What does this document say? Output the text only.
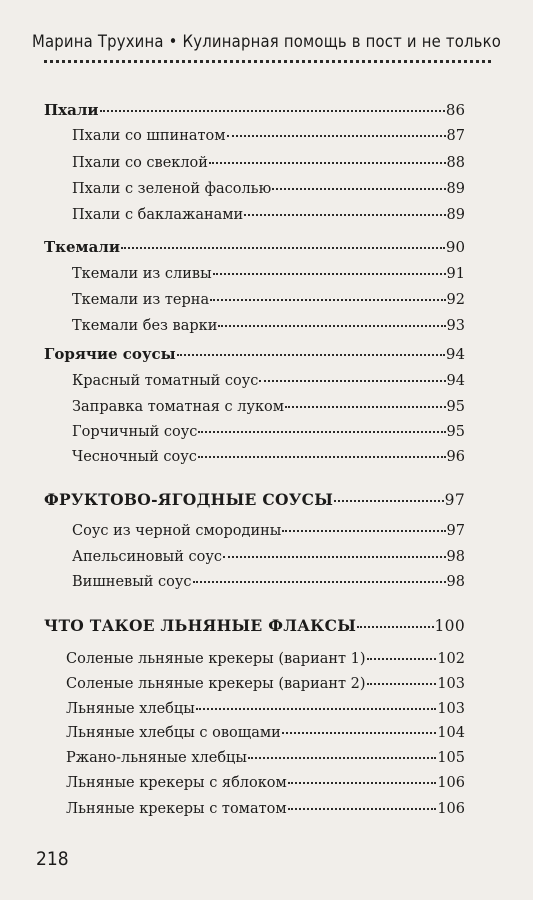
Марина Трухина • Кулинарная помощь в пост и не только
Пхали	86
Пхали со шпинатом	87
Пхали со свеклой	88
Пхали с зеленой фасолью	89
Пхали с баклажанами	89
Ткемали	90
Ткемали из сливы	91
Ткемали из терна	92
Ткемали без варки	93
Горячие соусы	94
Красный томатный соус	94
Заправка томатная с луком	95
Горчичный соус	95
Чесночный соус	96
ФРУКТОВО-ЯГОДНЫЕ СОУСЫ	97
Соус из черной смородины	97
Апельсиновый соус	98
Вишневый соус	98
ЧТО ТАКОЕ ЛЬНЯНЫЕ ФЛАКСЫ	100
Соленые льняные крекеры (вариант 1)	102
Соленые льняные крекеры (вариант 2)	103
Льняные хлебцы	103
Льняные хлебцы с овощами	104
Ржано-льняные хлебцы	105
Льняные крекеры с яблоком	106
Льняные крекеры с томатом	106
218
